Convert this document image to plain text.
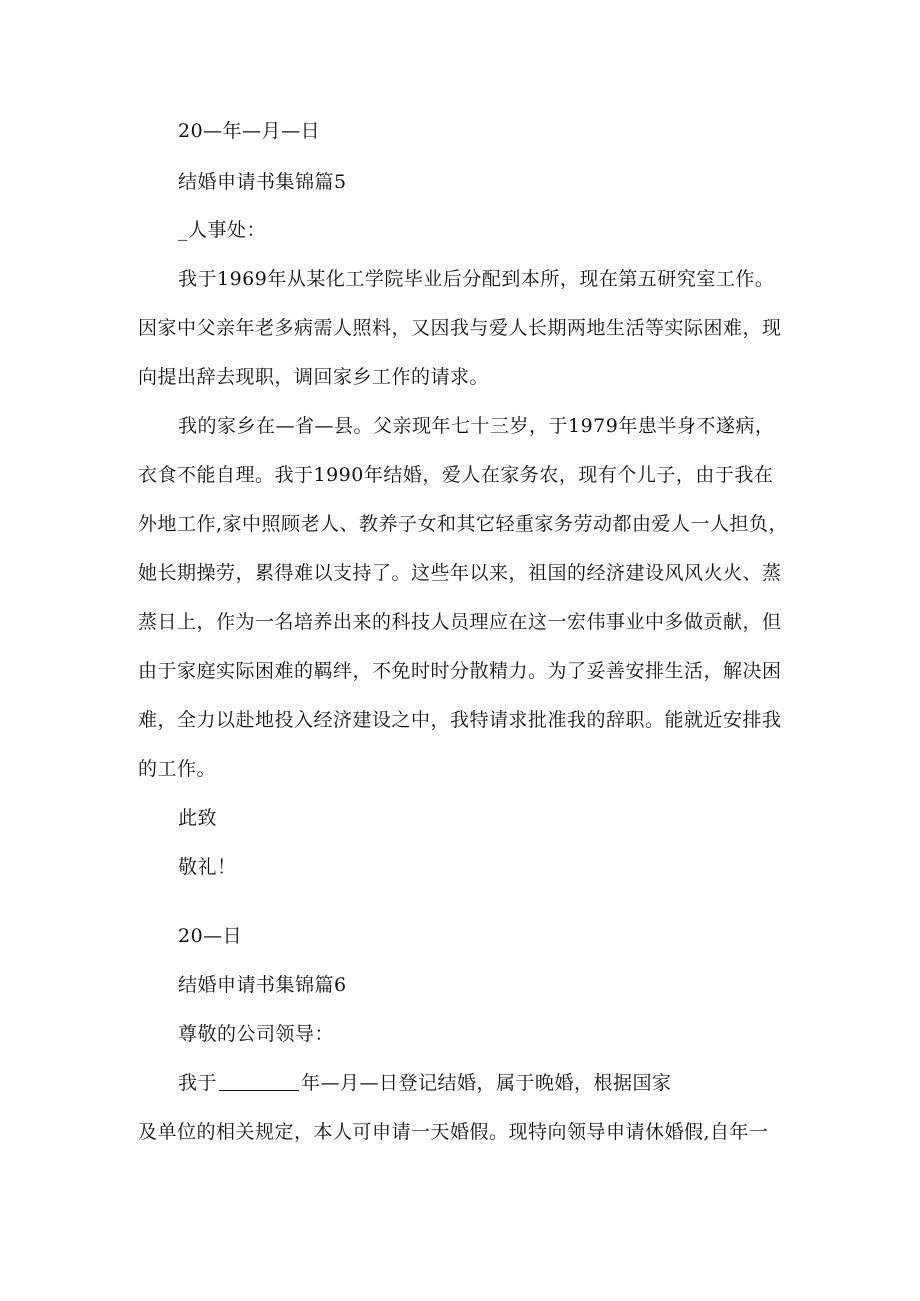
20—年—月—日
结婚申请书集锦篇5
_人事处：
我于1969年从某化工学院毕业后分配到本所，现在第五研究室工作。
因家中父亲年老多病需人照料，又因我与爱人长期两地生活等实际困难，现
向提出辞去现职，调回家乡工作的请求。
我的家乡在—省—县。父亲现年七十三岁，于1979年患半身不遂病，
衣食不能自理。我于1990年结婚，爱人在家务农，现有个儿子，由于我在
外地工作,家中照顾老人、教养子女和其它轻重家务劳动都由爱人一人担负，
她长期操劳，累得难以支持了。这些年以来，祖国的经济建设风风火火、蒸
蒸日上，作为一名培养出来的科技人员理应在这一宏伟事业中多做贡献，但
由于家庭实际困难的羁绊，不免时时分散精力。为了妥善安排生活，解决困
难，全力以赴地投入经济建设之中，我特请求批准我的辞职。能就近安排我
的工作。
此致
敬礼！
20—日
结婚申请书集锦篇6
尊敬的公司领导：
我于	年—月—日登记结婚，属于晚婚，根据国家
及单位的相关规定，本人可申请一天婚假。现特向领导申请休婚假,自年一
